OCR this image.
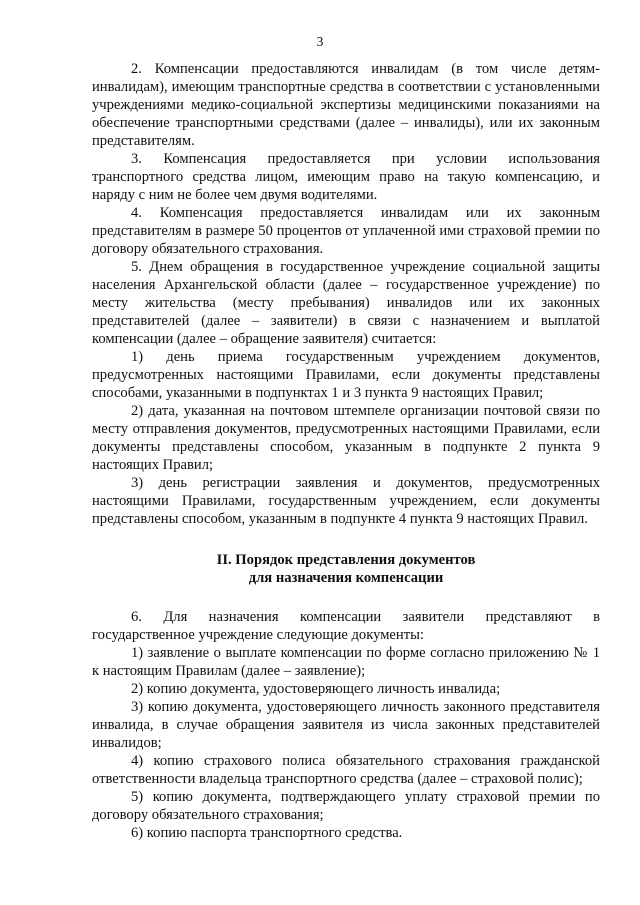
3

2. Компенсации предоставляются инвалидам (в том числе детям-инвалидам), имеющим транспортные средства в соответствии с установленными учреждениями медико-социальной экспертизы медицинскими показаниями на обеспечение транспортными средствами (далее – инвалиды), или их законным представителям.

3. Компенсация предоставляется при условии использования транспортного средства лицом, имеющим право на такую компенсацию, и наряду с ним не более чем двумя водителями.

4. Компенсация предоставляется инвалидам или их законным представителям в размере 50 процентов от уплаченной ими страховой премии по договору обязательного страхования.

5. Днем обращения в государственное учреждение социальной защиты населения Архангельской области (далее – государственное учреждение) по месту жительства (месту пребывания) инвалидов или их законных представителей (далее – заявители) в связи с назначением и выплатой компенсации (далее – обращение заявителя) считается:

1) день приема государственным учреждением документов, предусмотренных настоящими Правилами, если документы представлены способами, указанными в подпунктах 1 и 3 пункта 9 настоящих Правил;

2) дата, указанная на почтовом штемпеле организации почтовой связи по месту отправления документов, предусмотренных настоящими Правилами, если документы представлены способом, указанным в подпункте 2 пункта 9 настоящих Правил;

3) день регистрации заявления и документов, предусмотренных настоящими Правилами, государственным учреждением, если документы представлены способом, указанным в подпункте 4 пункта 9 настоящих Правил.

II. Порядок представления документов
для назначения компенсации

6. Для назначения компенсации заявители представляют в государственное учреждение следующие документы:

1) заявление о выплате компенсации по форме согласно приложению № 1 к настоящим Правилам (далее – заявление);

2) копию документа, удостоверяющего личность инвалида;

3) копию документа, удостоверяющего личность законного представителя инвалида, в случае обращения заявителя из числа законных представителей инвалидов;

4) копию страхового полиса обязательного страхования гражданской ответственности владельца транспортного средства (далее – страховой полис);

5) копию документа, подтверждающего уплату страховой премии по договору обязательного страхования;

6) копию паспорта транспортного средства.
